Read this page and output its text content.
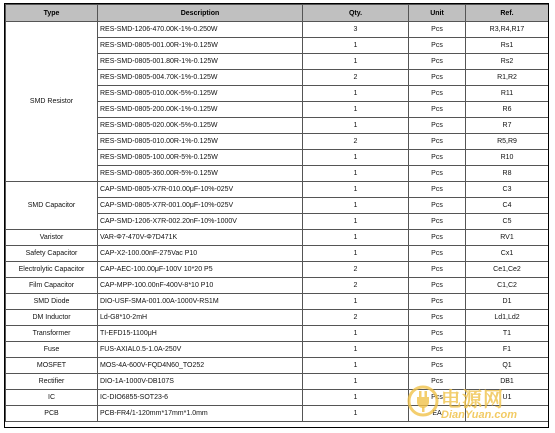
Type	Description	Qty.	Unit	Ref.
SMD Resistor	RES-SMD-1206-470.00K-1%-0.250W	3	Pcs	R3,R4,R17
	RES-SMD-0805-001.00R-1%-0.125W	1	Pcs	Rs1
	RES-SMD-0805-001.80R-1%-0.125W	1	Pcs	Rs2
	RES-SMD-0805-004.70K-1%-0.125W	2	Pcs	R1,R2
	RES-SMD-0805-010.00K-5%-0.125W	1	Pcs	R11
	RES-SMD-0805-200.00K-1%-0.125W	1	Pcs	R6
	RES-SMD-0805-020.00K-5%-0.125W	1	Pcs	R7
	RES-SMD-0805-010.00R-1%-0.125W	2	Pcs	R5,R9
	RES-SMD-0805-100.00R-5%-0.125W	1	Pcs	R10
	RES-SMD-0805-360.00R-5%-0.125W	1	Pcs	R8
SMD Capacitor	CAP-SMD-0805-X7R-010.00μF-10%-025V	1	Pcs	C3
	CAP-SMD-0805-X7R-001.00μF-10%-025V	1	Pcs	C4
	CAP-SMD-1206-X7R-002.20nF-10%-1000V	1	Pcs	C5
Varistor	VAR-Φ7-470V-Φ7D471K	1	Pcs	RV1
Safety Capacitor	CAP-X2-100.00nF-275Vac P10	1	Pcs	Cx1
Electrolytic Capacitor	CAP-AEC-100.00μF-100V 10*20 P5	2	Pcs	Ce1,Ce2
Film Capacitor	CAP-MPP-100.00nF-400V-8*10 P10	2	Pcs	C1,C2
SMD Diode	DIO-USF-SMA-001.00A-1000V-RS1M	1	Pcs	D1
DM Inductor	Ld-G8*10-2mH	2	Pcs	Ld1,Ld2
Transformer	TI-EFD15-1100μH	1	Pcs	T1
Fuse	FUS-AXIAL0.5-1.0A-250V	1	Pcs	F1
MOSFET	MOS-4A-600V-FQD4N60_TO252	1	Pcs	Q1
Rectifier	DIO-1A-1000V-DB107S	1	Pcs	DB1
IC	IC-DIO6855-SOT23-6	1	Pcs	U1
PCB	PCB-FR4/1-120mm*17mm*1.0mm	1	EA	
电源网
DianYuan.com
